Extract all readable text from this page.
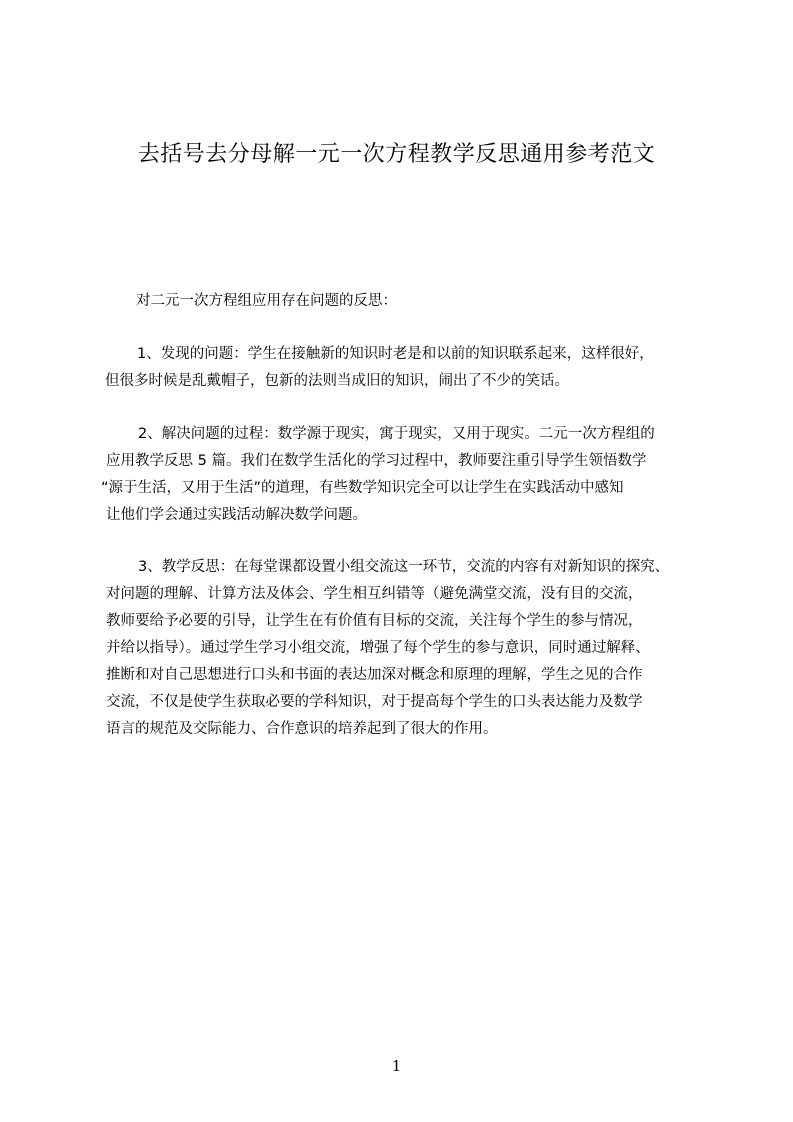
去括号去分母解一元一次方程教学反思通用参考范文
对二元一次方程组应用存在问题的反思：
1、发现的问题：学生在接触新的知识时老是和以前的知识联系起来，这样很好，
但很多时候是乱戴帽子，包新的法则当成旧的知识，闹出了不少的笑话。
2、解决问题的过程：数学源于现实，寓于现实，又用于现实。二元一次方程组的
应用教学反思 5 篇。我们在数学生活化的学习过程中，教师要注重引导学生领悟数学
“源于生活，又用于生活”的道理，有些数学知识完全可以让学生在实践活动中感知
让他们学会通过实践活动解决数学问题。
3、教学反思：在每堂课都设置小组交流这一环节，交流的内容有对新知识的探究、
对问题的理解、计算方法及体会、学生相互纠错等（避免满堂交流，没有目的交流，
教师要给予必要的引导，让学生在有价值有目标的交流，关注每个学生的参与情况，
并给以指导）。通过学生学习小组交流，增强了每个学生的参与意识，同时通过解释、
推断和对自己思想进行口头和书面的表达加深对概念和原理的理解，学生之见的合作
交流，不仅是使学生获取必要的学科知识，对于提高每个学生的口头表达能力及数学
语言的规范及交际能力、合作意识的培养起到了很大的作用。
1
